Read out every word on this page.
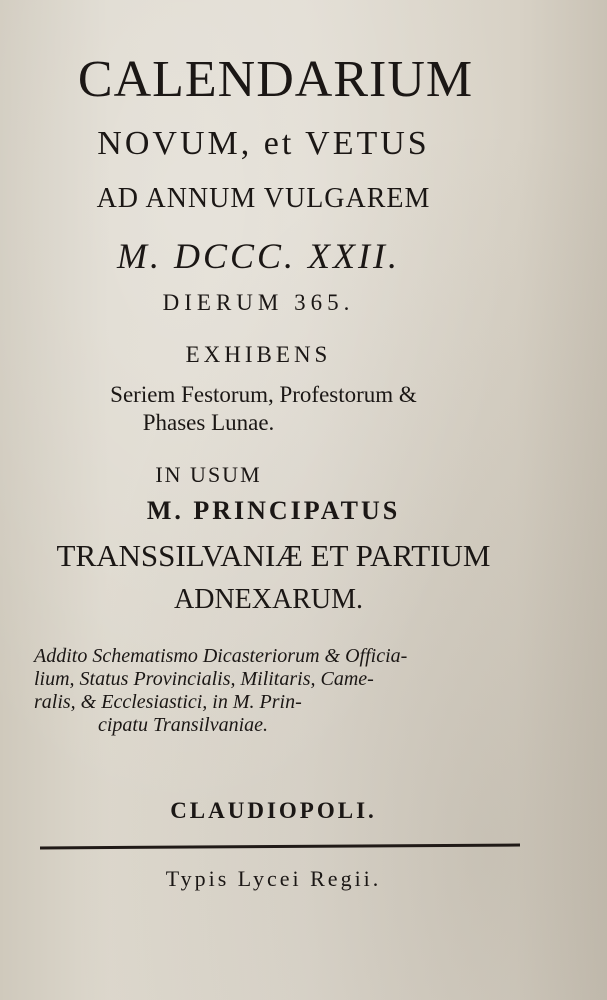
CALENDARIUM
NOVUM, et VETUS
AD ANNUM VULGAREM
M. DCCC. XXII.
DIERUM 365.
EXHIBENS
Seriem Festorum, Profestorum &
Phases Lunae.
IN USUM
M. PRINCIPATUS
TRANSSILVANIÆ ET PARTIUM
ADNEXARUM.
Addito Schematismo Dicasteriorum & Officia-
lium, Status Provincialis, Militaris, Came-
ralis, & Ecclesiastici, in M. Prin-
cipatu Transilvaniae.
CLAUDIOPOLI.
Typis Lycei Regii.
